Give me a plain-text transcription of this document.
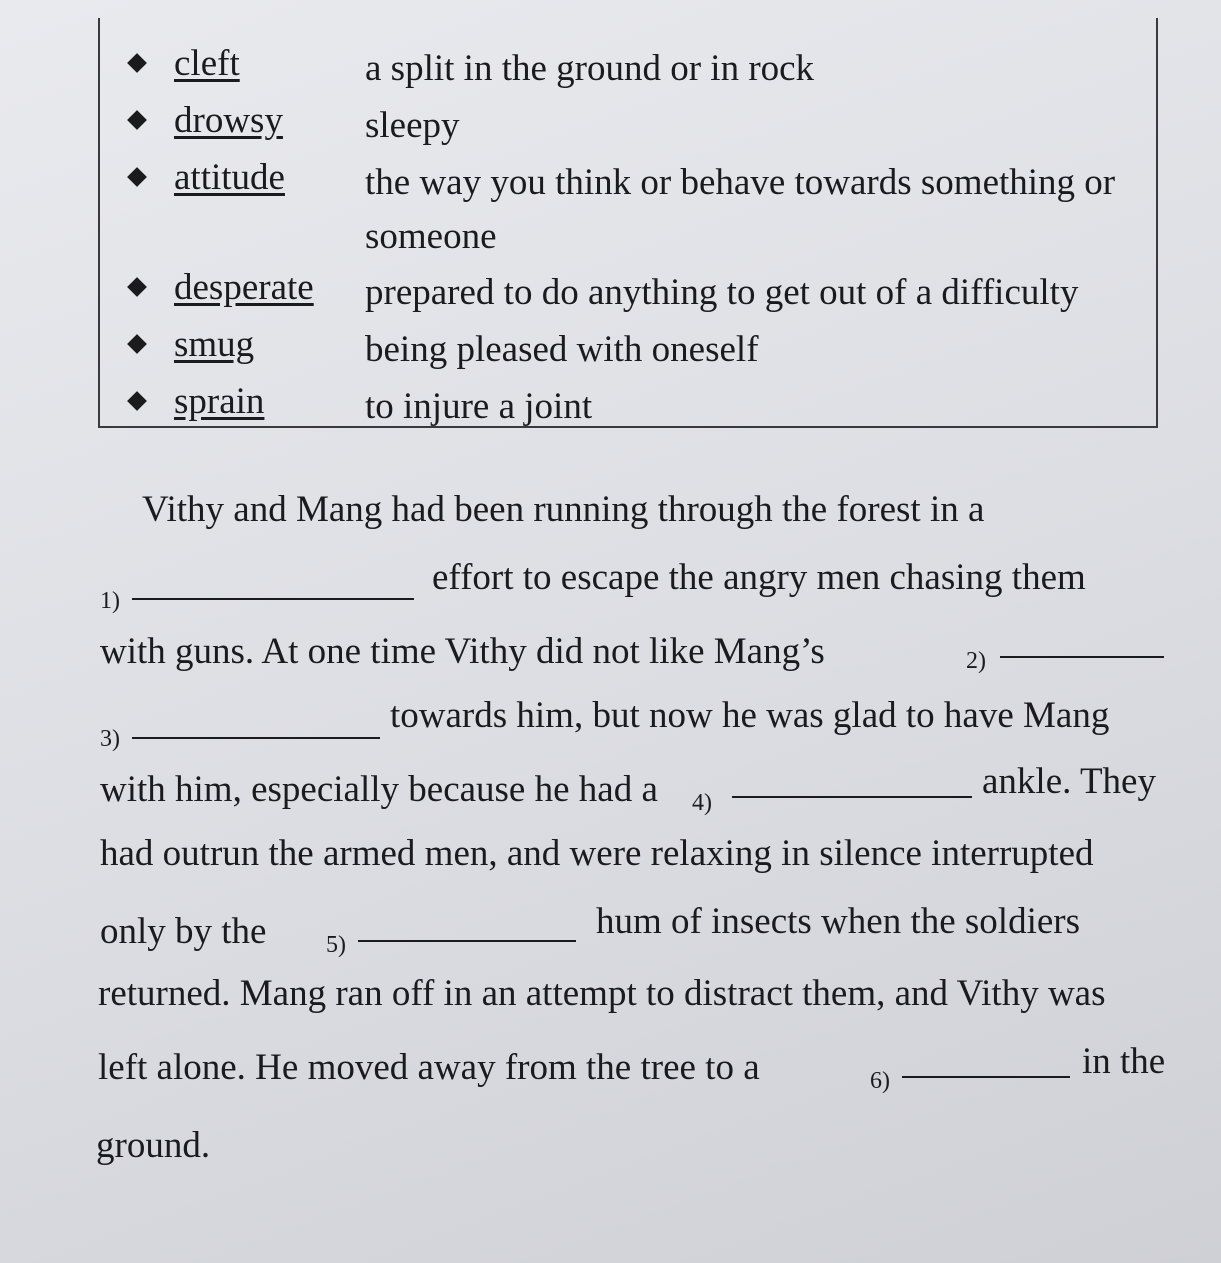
cleft	a split in the ground or in rock
drowsy sleepy
attitude the way you think or behave towards something or someone
desperate prepared to do anything to get out of a difficulty
smug	being pleased with oneself
sprain	to injure a joint
Vithy and Mang had been running through the forest in a
1)
effort to escape the angry men chasing them
with guns. At one time Vithy did not like Mang’s	2)
3)
towards him, but now he was glad to have Mang
with him, especially because he had a 4)
ankle. They
had outrun the armed men, and were relaxing in silence interrupted
only by the 5)
hum of insects when the soldiers
returned. Mang ran off in an attempt to distract them, and Vithy was
left alone. He moved away from the tree to a	6)	in the
ground.
